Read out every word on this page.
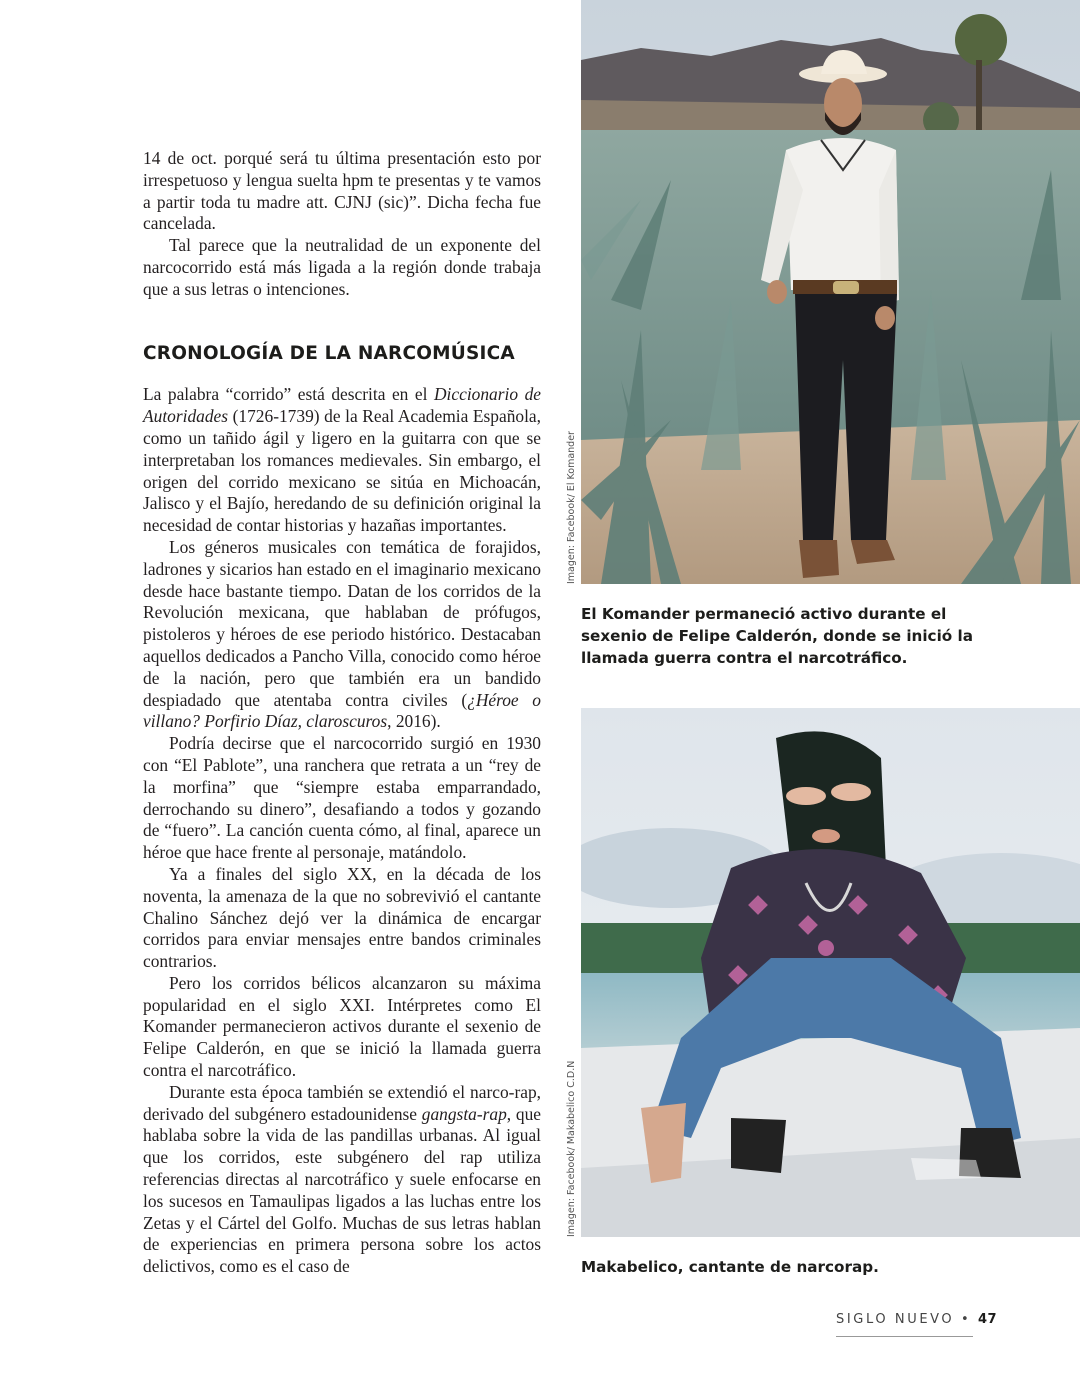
14 de oct. porqué será tu última presentación esto por irrespetuoso y lengua suelta hpm te presentas y te vamos a partir toda tu madre att. CJNJ (sic)”. Dicha fecha fue cancelada.

Tal parece que la neutralidad de un exponente del narcocorrido está más ligada a la región donde trabaja que a sus letras o intenciones.

CRONOLOGÍA DE LA NARCOMÚSICA

La palabra “corrido” está descrita en el Diccionario de Autoridades (1726-1739) de la Real Academia Española, como un tañido ágil y ligero en la guitarra con que se interpretaban los romances medievales. Sin embargo, el origen del corrido mexicano se sitúa en Michoacán, Jalisco y el Bajío, heredando de su definición original la necesidad de contar historias y hazañas importantes.

Los géneros musicales con temática de forajidos, ladrones y sicarios han estado en el imaginario mexicano desde hace bastante tiempo. Datan de los corridos de la Revolución mexicana, que hablaban de prófugos, pistoleros y héroes de ese periodo histórico. Destacaban aquellos dedicados a Pancho Villa, conocido como héroe de la nación, pero que también era un bandido despiadado que atentaba contra civiles (¿Héroe o villano? Porfirio Díaz, claroscuros, 2016).

Podría decirse que el narcocorrido surgió en 1930 con “El Pablote”, una ranchera que retrata a un “rey de la morfina” que “siempre estaba emparrandado, derrochando su dinero”, desafiando a todos y gozando de “fuero”. La canción cuenta cómo, al final, aparece un héroe que hace frente al personaje, matándolo.

Ya a finales del siglo XX, en la década de los noventa, la amenaza de la que no sobrevivió el cantante Chalino Sánchez dejó ver la dinámica de encargar corridos para enviar mensajes entre bandos criminales contrarios.

Pero los corridos bélicos alcanzaron su máxima popularidad en el siglo XXI. Intérpretes como El Komander permanecieron activos durante el sexenio de Felipe Calderón, en que se inició la llamada guerra contra el narcotráfico.

Durante esta época también se extendió el narco-rap, derivado del subgénero estadounidense gangsta-rap, que hablaba sobre la vida de las pandillas urbanas. Al igual que los corridos, este subgénero del rap utiliza referencias directas al narcotráfico y suele enfocarse en los sucesos en Tamaulipas ligados a las luchas entre los Zetas y el Cártel del Golfo. Muchas de sus letras hablan de experiencias en primera persona sobre los actos delictivos, como es el caso de

Imagen: Facebook/ El Komander
El Komander permaneció activo durante el sexenio de Felipe Calderón, donde se inició la llamada guerra contra el narcotráfico.
Imagen: Facebook/ Makabelico C.D.N
Makabelico, cantante de narcorap.
SIGLO NUEVO • 47
